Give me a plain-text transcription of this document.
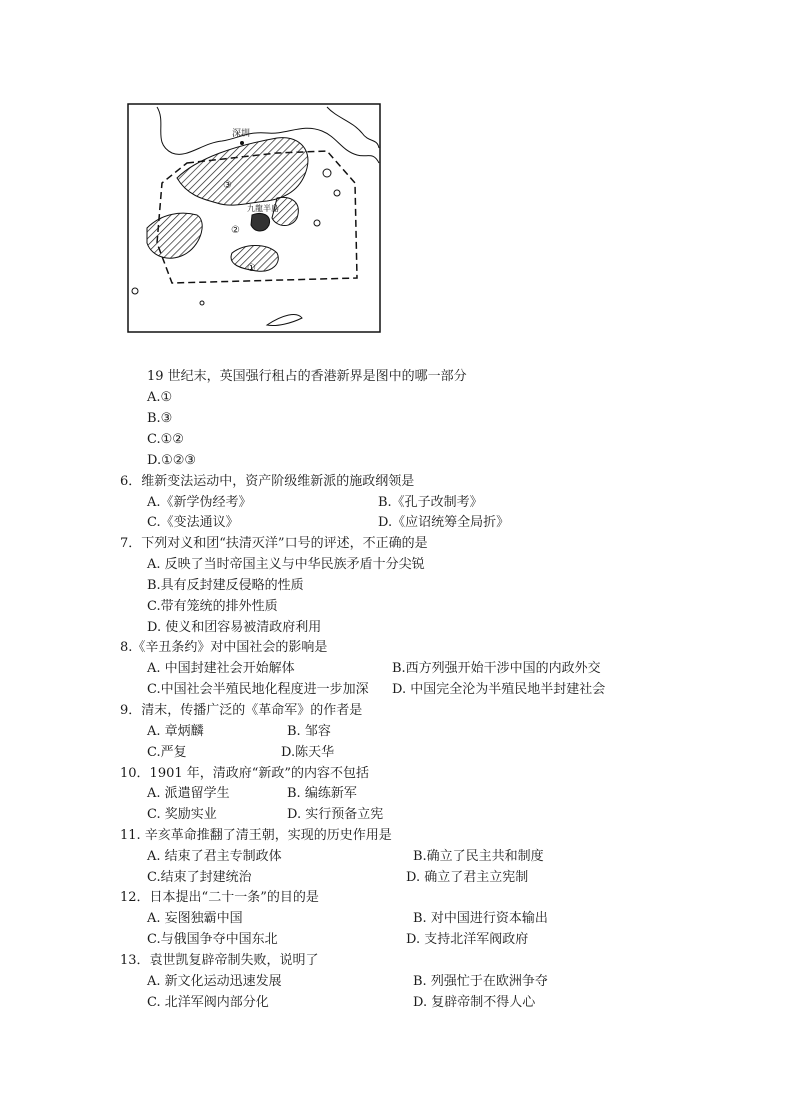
深圳
九龍半島
③
②
①
19 世纪末，英国强行租占的香港新界是图中的哪一部分
A.①
B.③
C.①②
D.①②③
6．维新变法运动中，资产阶级维新派的施政纲领是
A.《新学伪经考》	B.《孔子改制考》
C.《变法通议》	D.《应诏统筹全局折》
7．下列对义和团“扶清灭洋”口号的评述，不正确的是
A. 反映了当时帝国主义与中华民族矛盾十分尖锐
B.具有反封建反侵略的性质
C.带有笼统的排外性质
D. 使义和团容易被清政府利用
8.《辛丑条约》对中国社会的影响是
A. 中国封建社会开始解体	B.西方列强开始干涉中国的内政外交
C.中国社会半殖民地化程度进一步加深 D. 中国完全沦为半殖民地半封建社会
9．清末，传播广泛的《革命军》的作者是
A. 章炳麟	B. 邹容
C.严复	D.陈天华
10．1901 年，清政府“新政”的内容不包括
A. 派遣留学生	B. 编练新军
C. 奖励实业	D. 实行预备立宪
11. 辛亥革命推翻了清王朝，实现的历史作用是
A. 结束了君主专制政体	B.确立了民主共和制度
C.结束了封建统治	D. 确立了君主立宪制
12．日本提出“二十一条”的目的是
A. 妄图独霸中国	B. 对中国进行资本输出
C.与俄国争夺中国东北	D. 支持北洋军阀政府
13．袁世凯复辟帝制失败，说明了
A. 新文化运动迅速发展	B. 列强忙于在欧洲争夺
C. 北洋军阀内部分化	D. 复辟帝制不得人心
